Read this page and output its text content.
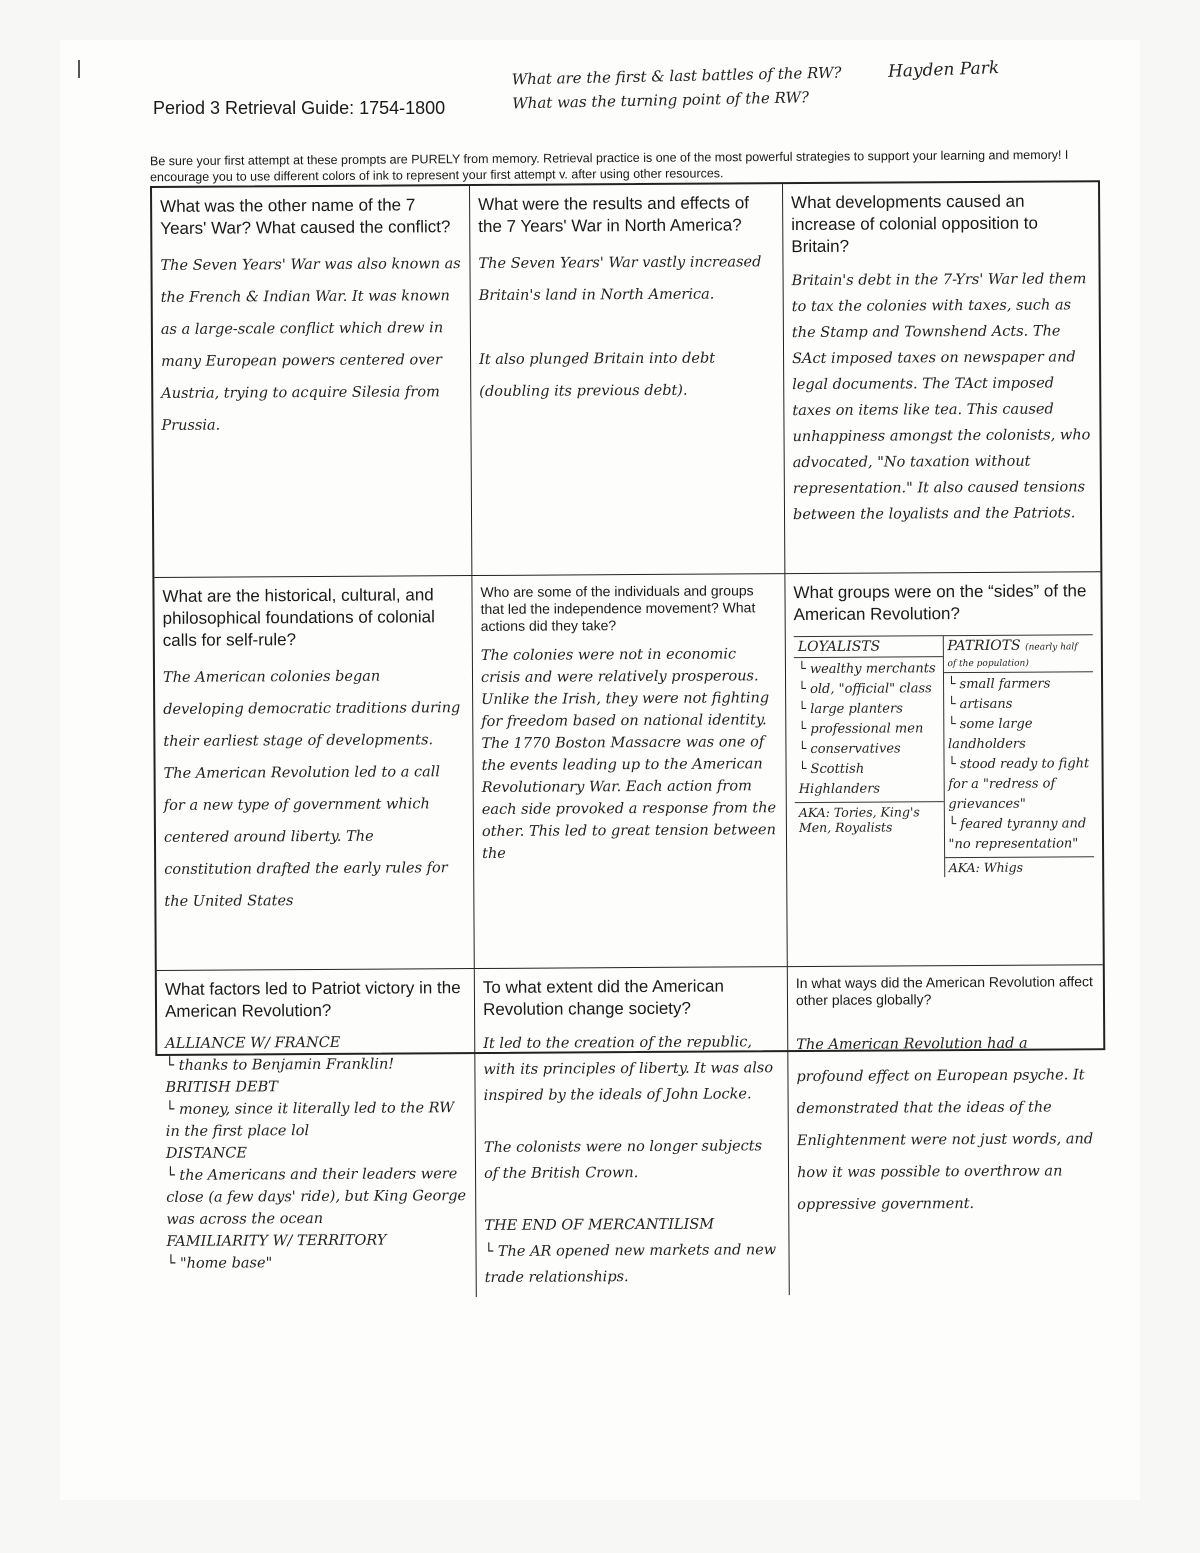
Period 3 Retrieval Guide: 1754-1800
What are the first & last battles of the RW?
What was the turning point of the RW?
Hayden Park
Be sure your first attempt at these prompts are PURELY from memory. Retrieval practice is one of the most powerful strategies to support your learning and memory! I encourage you to use different colors of ink to represent your first attempt v. after using other resources.
What was the other name of the 7 Years' War? What caused the conflict?
The Seven Years' War was also known as the French & Indian War. It was known as a large-scale conflict which drew in many European powers centered over Austria, trying to acquire Silesia from Prussia.
What were the results and effects of the 7 Years' War in North America?
The Seven Years' War vastly increased Britain's land in North America.

It also plunged Britain into debt (doubling its previous debt).
What developments caused an increase of colonial opposition to Britain?
Britain's debt in the 7-Yrs' War led them to tax the colonies with taxes, such as the Stamp and Townshend Acts. The SAct imposed taxes on newspaper and legal documents. The TAct imposed taxes on items like tea. This caused unhappiness amongst the colonists, who advocated, "No taxation without representation." It also caused tensions between the loyalists and the Patriots.
What are the historical, cultural, and philosophical foundations of colonial calls for self-rule?
The American colonies began developing democratic traditions during their earliest stage of developments. The American Revolution led to a call for a new type of government which centered around liberty. The constitution drafted the early rules for the United States
Who are some of the individuals and groups that led the independence movement? What actions did they take?
The colonies were not in economic crisis and were relatively prosperous. Unlike the Irish, they were not fighting for freedom based on national identity.
The 1770 Boston Massacre was one of the events leading up to the American Revolutionary War. Each action from each side provoked a response from the other. This led to great tension between the
What groups were on the “sides” of the American Revolution?
LOYALISTS
└ wealthy merchants
└ old, "official" class
└ large planters
└ professional men
└ conservatives
└ Scottish Highlanders
AKA: Tories, King's Men, Royalists
PATRIOTS (nearly half of the population)
└ small farmers
└ artisans
└ some large landholders
└ stood ready to fight for a "redress of grievances"
└ feared tyranny and "no representation"
AKA: Whigs
What factors led to Patriot victory in the American Revolution?
ALLIANCE W/ FRANCE
└ thanks to Benjamin Franklin!
BRITISH DEBT
└ money, since it literally led to the RW in the first place lol
DISTANCE
└ the Americans and their leaders were close (a few days' ride), but King George was across the ocean
FAMILIARITY W/ TERRITORY
└ "home base"
To what extent did the American Revolution change society?
It led to the creation of the republic, with its principles of liberty. It was also inspired by the ideals of John Locke.

The colonists were no longer subjects of the British Crown.

THE END OF MERCANTILISM
└ The AR opened new markets and new trade relationships.
In what ways did the American Revolution affect other places globally?
The American Revolution had a profound effect on European psyche. It demonstrated that the ideas of the Enlightenment were not just words, and how it was possible to overthrow an oppressive government.
